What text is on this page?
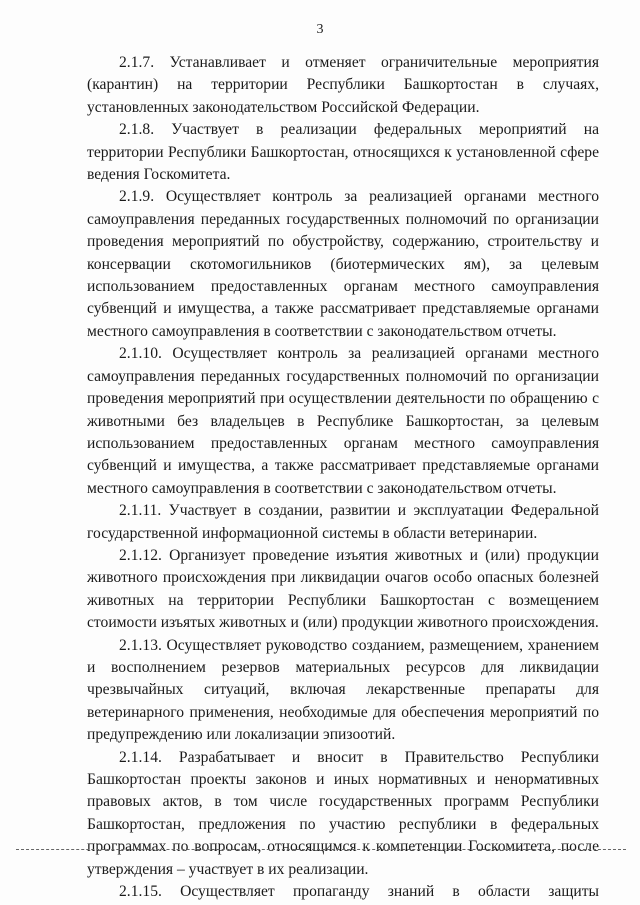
3

2.1.7. Устанавливает и отменяет ограничительные мероприятия (карантин) на территории Республики Башкортостан в случаях, установленных законодательством Российской Федерации.

2.1.8. Участвует в реализации федеральных мероприятий на территории Республики Башкортостан, относящихся к установленной сфере ведения Госкомитета.

2.1.9. Осуществляет контроль за реализацией органами местного самоуправления переданных государственных полномочий по организации проведения мероприятий по обустройству, содержанию, строительству и консервации скотомогильников (биотермических ям), за целевым использованием предоставленных органам местного самоуправления субвенций и имущества, а также рассматривает представляемые органами местного самоуправления в соответствии с законодательством отчеты.

2.1.10. Осуществляет контроль за реализацией органами местного самоуправления переданных государственных полномочий по организации проведения мероприятий при осуществлении деятельности по обращению с животными без владельцев в Республике Башкортостан, за целевым использованием предоставленных органам местного самоуправления субвенций и имущества, а также рассматривает представляемые органами местного самоуправления в соответствии с законодательством отчеты.

2.1.11. Участвует в создании, развитии и эксплуатации Федеральной государственной информационной системы в области ветеринарии.

2.1.12. Организует проведение изъятия животных и (или) продукции животного происхождения при ликвидации очагов особо опасных болезней животных на территории Республики Башкортостан с возмещением стоимости изъятых животных и (или) продукции животного происхождения.

2.1.13. Осуществляет руководство созданием, размещением, хранением и восполнением резервов материальных ресурсов для ликвидации чрезвычайных ситуаций, включая лекарственные препараты для ветеринарного применения, необходимые для обеспечения мероприятий по предупреждению или локализации эпизоотий.

2.1.14. Разрабатывает и вносит в Правительство Республики Башкортостан проекты законов и иных нормативных и ненормативных правовых актов, в том числе государственных программ Республики Башкортостан, предложения по участию республики в федеральных программах по вопросам, относящимся к компетенции Госкомитета, после утверждения – участвует в их реализации.

2.1.15. Осуществляет пропаганду знаний в области защиты
